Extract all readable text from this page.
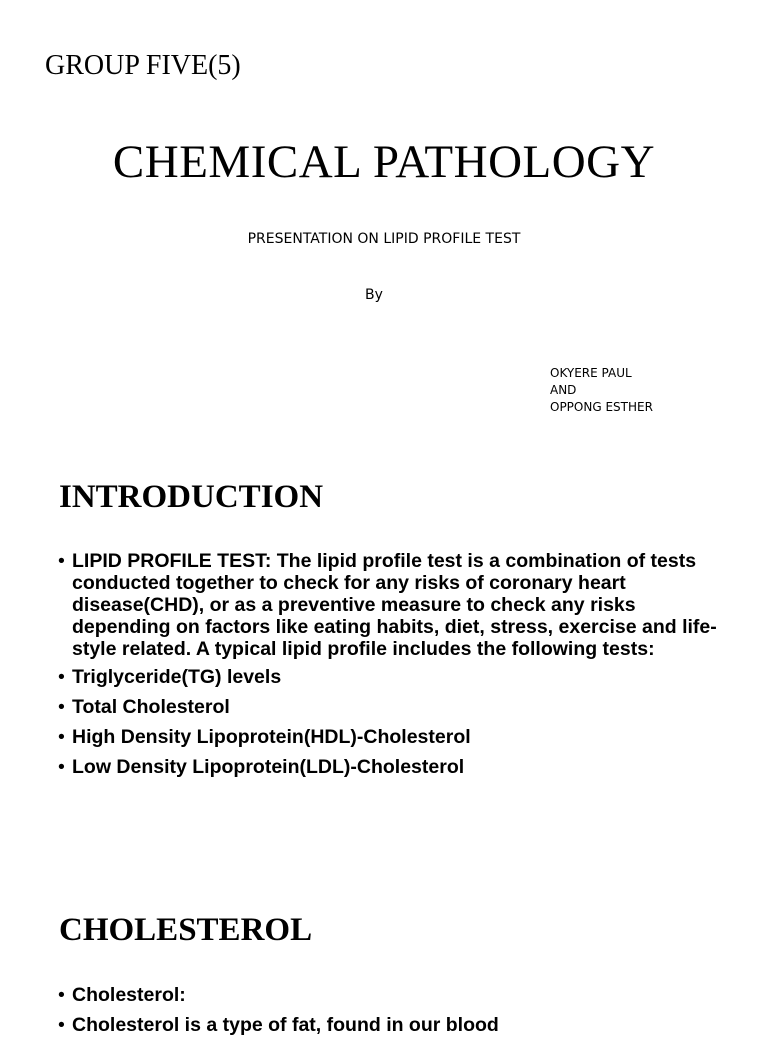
GROUP FIVE(5)
CHEMICAL PATHOLOGY
PRESENTATION ON LIPID PROFILE TEST
By
OKYERE PAUL
AND
OPPONG ESTHER
INTRODUCTION
• LIPID PROFILE TEST: The lipid profile test is a combination of tests conducted together to check for any risks of coronary heart disease(CHD), or as a preventive measure to check any risks depending on factors like eating habits, diet, stress, exercise and life-style related. A typical lipid profile includes the following tests:
• Triglyceride(TG) levels
• Total Cholesterol
• High Density Lipoprotein(HDL)-Cholesterol
• Low Density Lipoprotein(LDL)-Cholesterol
CHOLESTEROL
• Cholesterol:
• Cholesterol is a type of fat, found in our blood
